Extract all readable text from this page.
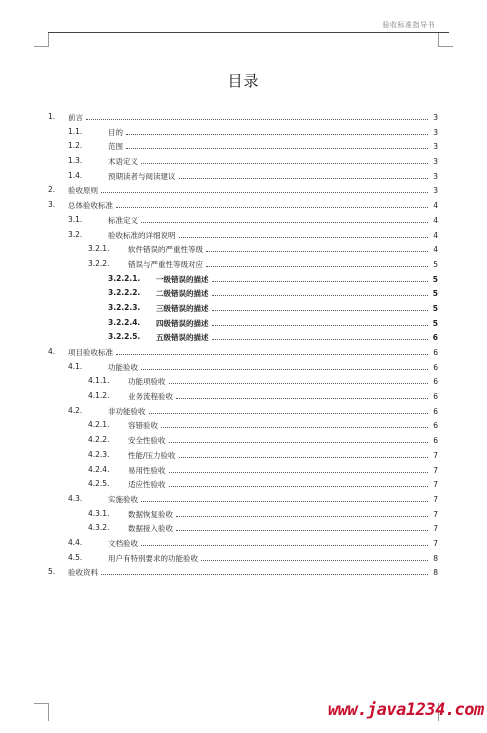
验收标准指导书
目录
1. 前言	3
1.1.	目的	3
1.2.	范围	3
1.3.	术语定义	3
1.4.	预期读者与阅读建议	3
2. 验收原则	3
3. 总体验收标准	4
3.1.	标准定义	4
3.2.	验收标准的详细说明	4
3.2.1. 软件错误的严重性等级	4
3.2.2. 错误与严重性等级对应	5
3.2.2.1. 一级错误的描述	5
3.2.2.2. 二级错误的描述	5
3.2.2.3. 三级错误的描述	5
3.2.2.4. 四级错误的描述	5
3.2.2.5. 五级错误的描述	6
4. 项目验收标准	6
4.1.	功能验收	6
4.1.1. 功能项验收	6
4.1.2. 业务流程验收	6
4.2.	非功能验收	6
4.2.1. 容错验收	6
4.2.2. 安全性验收	6
4.2.3. 性能/压力验收	7
4.2.4. 易用性验收	7
4.2.5. 适应性验收	7
4.3.	实施验收	7
4.3.1. 数据恢复验收	7
4.3.2. 数据接入验收	7
4.4.	文档验收	7
4.5.	用户有特别要求的功能验收	8
5. 验收资料	8
www.java1234.com
